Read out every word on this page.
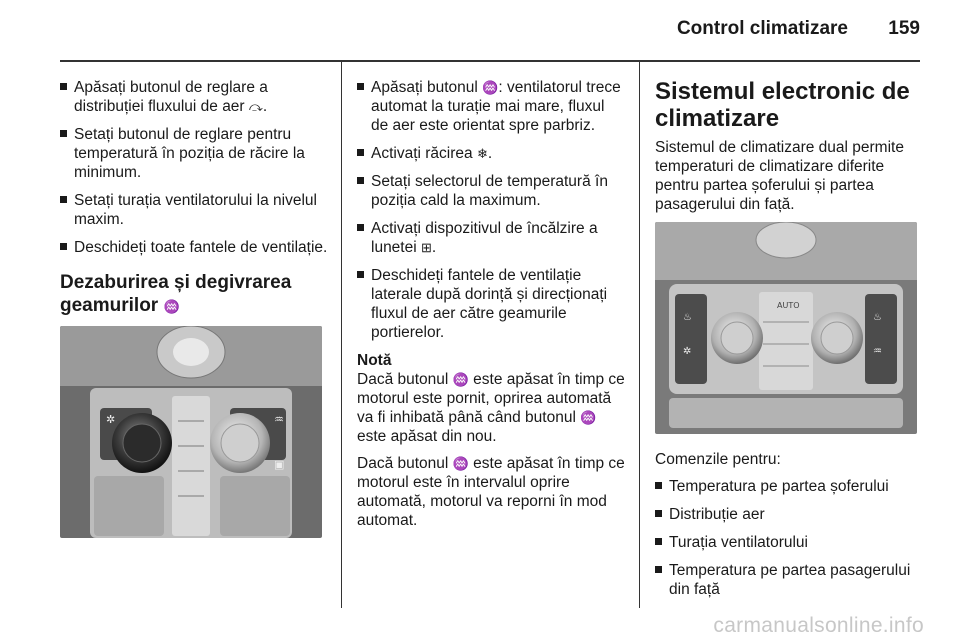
Control climatizare 159
Apăsați butonul de reglare a distribuției fluxului de aer ⤼.
Setați butonul de reglare pentru temperatură în poziția de răcire la minimum.
Setați turația ventilatorului la nivelul maxim.
Deschideți toate fantele de ventilație.
Dezaburirea și degivrarea geamurilor ♒
✲	♒
▣
Apăsați butonul ♒: ventilatorul trece automat la turație mai mare, fluxul de aer este orientat spre parbriz.
Activați răcirea ❄.
Setați selectorul de temperatură în poziția cald la maximum.
Activați dispozitivul de încălzire a lunetei ⊞.
Deschideți fantele de ventilație laterale după dorință și direcționați fluxul de aer către geamurile portierelor.
Notă
Dacă butonul ♒ este apăsat în timp ce motorul este pornit, oprirea automată va fi inhibată până când butonul ♒ este apăsat din nou.
Dacă butonul ♒ este apăsat în timp ce motorul este în intervalul oprire automată, motorul va reporni în mod automat.
Sistemul electronic de climatizare
Sistemul de climatizare dual permite temperaturi de climatizare diferite pentru partea șoferului și partea pasagerului din față.
AUTO
♨
✲
♨
♒
Comenzile pentru:
Temperatura pe partea șoferului
Distribuție aer
Turația ventilatorului
Temperatura pe partea pasagerului din față
carmanualsonline.info
